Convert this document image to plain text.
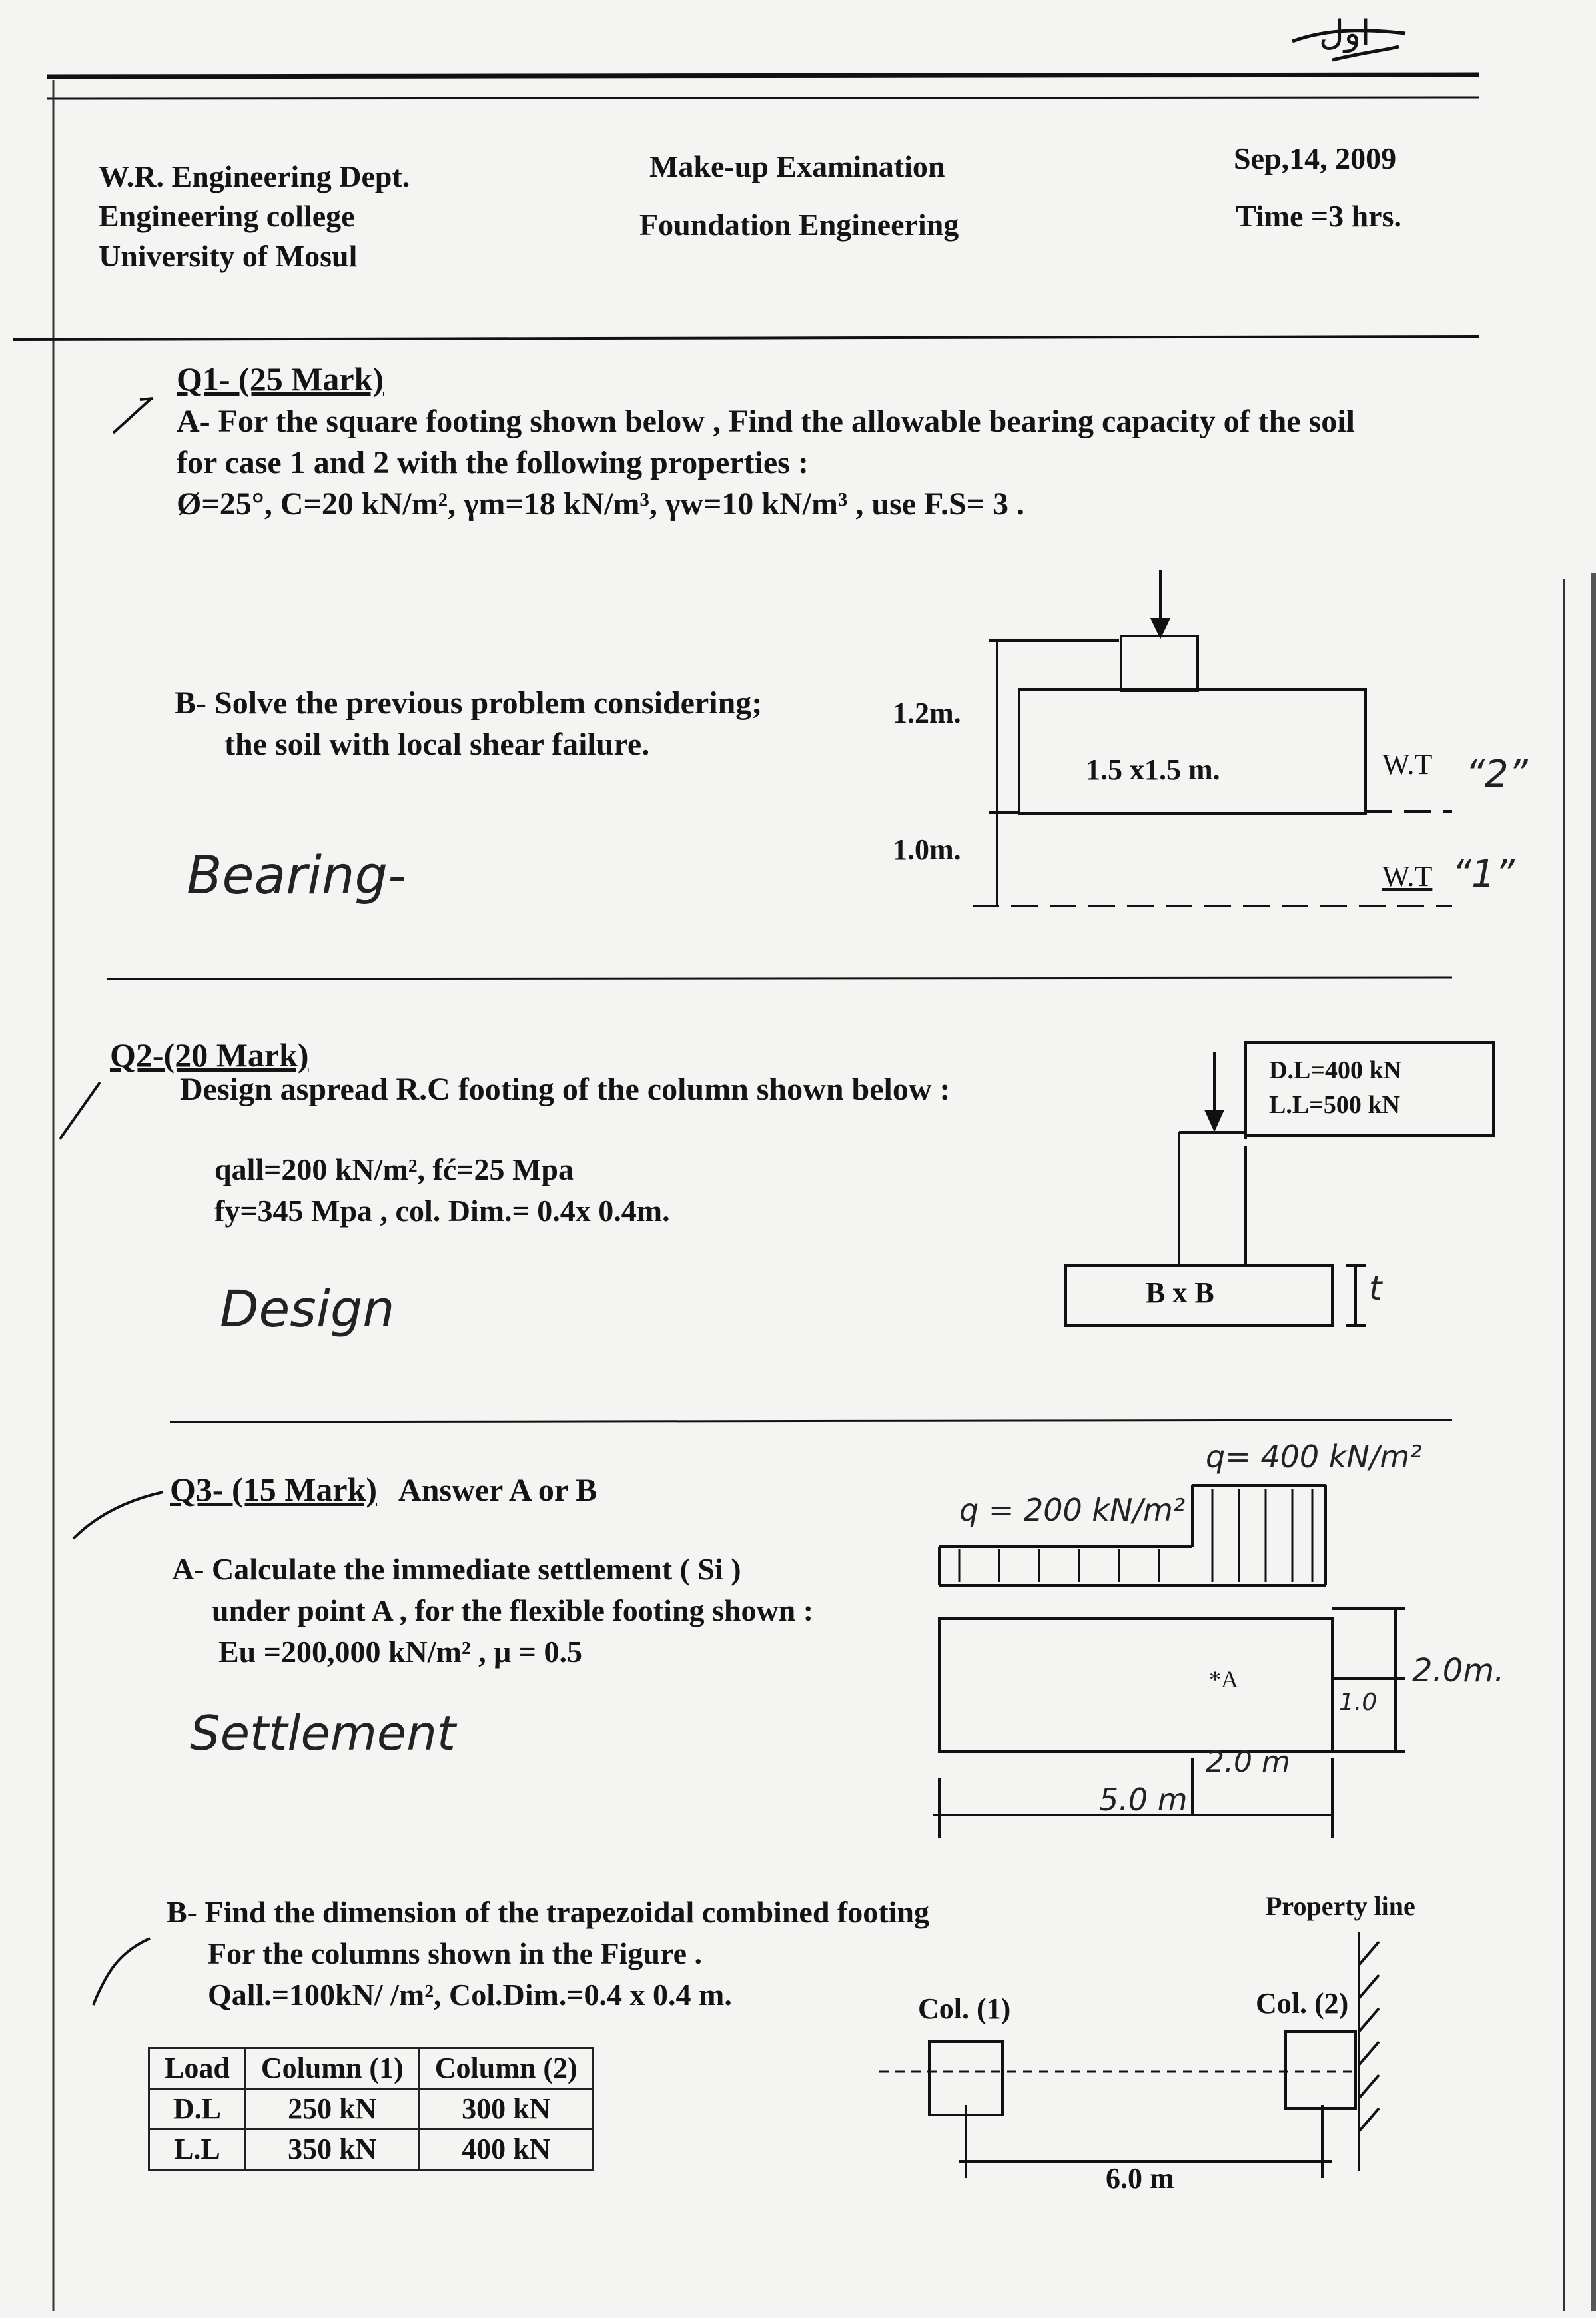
اول
W.R. Engineering Dept.
Engineering college
University of Mosul
Make-up Examination
Foundation Engineering
Sep,14, 2009
Time =3 hrs.
Q1- (25 Mark)
A- For the square footing shown below , Find the allowable bearing capacity of the soil
for case 1 and 2 with the following properties :
Ø=25°, C=20 kN/m², γm=18 kN/m³, γw=10 kN/m³ , use F.S= 3 .
B- Solve the previous problem considering;
the soil with local shear failure.
Bearing-
1.2m.
1.0m.
1.5 x1.5 m.	W.T “2”
W.T “1”
Q2-(20 Mark)
Design aspread R.C footing of the column shown below :
qall=200 kN/m², fć=25 Mpa
fy=345 Mpa , col. Dim.= 0.4x 0.4m.
Design
D.L=400 kN
L.L=500 kN
B x B	t
Q3- (15 Mark) Answer A or B
A- Calculate the immediate settlement ( Si )
under point A , for the flexible footing shown :
Eu =200,000 kN/m² , μ = 0.5
Settlement
q = 200 kN/m²
q= 400 kN/m²
*A	2.0m.
1.0
2.0 m
5.0 m
B- Find the dimension of the trapezoidal combined footing
For the columns shown in the Figure .
Qall.=100kN/ /m², Col.Dim.=0.4 x 0.4 m.	Col. (1)	Col. (2)
Property line
6.0 m
Load	Column (1)	Column (2)
D.L	250 kN	300 kN
L.L	350 kN	400 kN
